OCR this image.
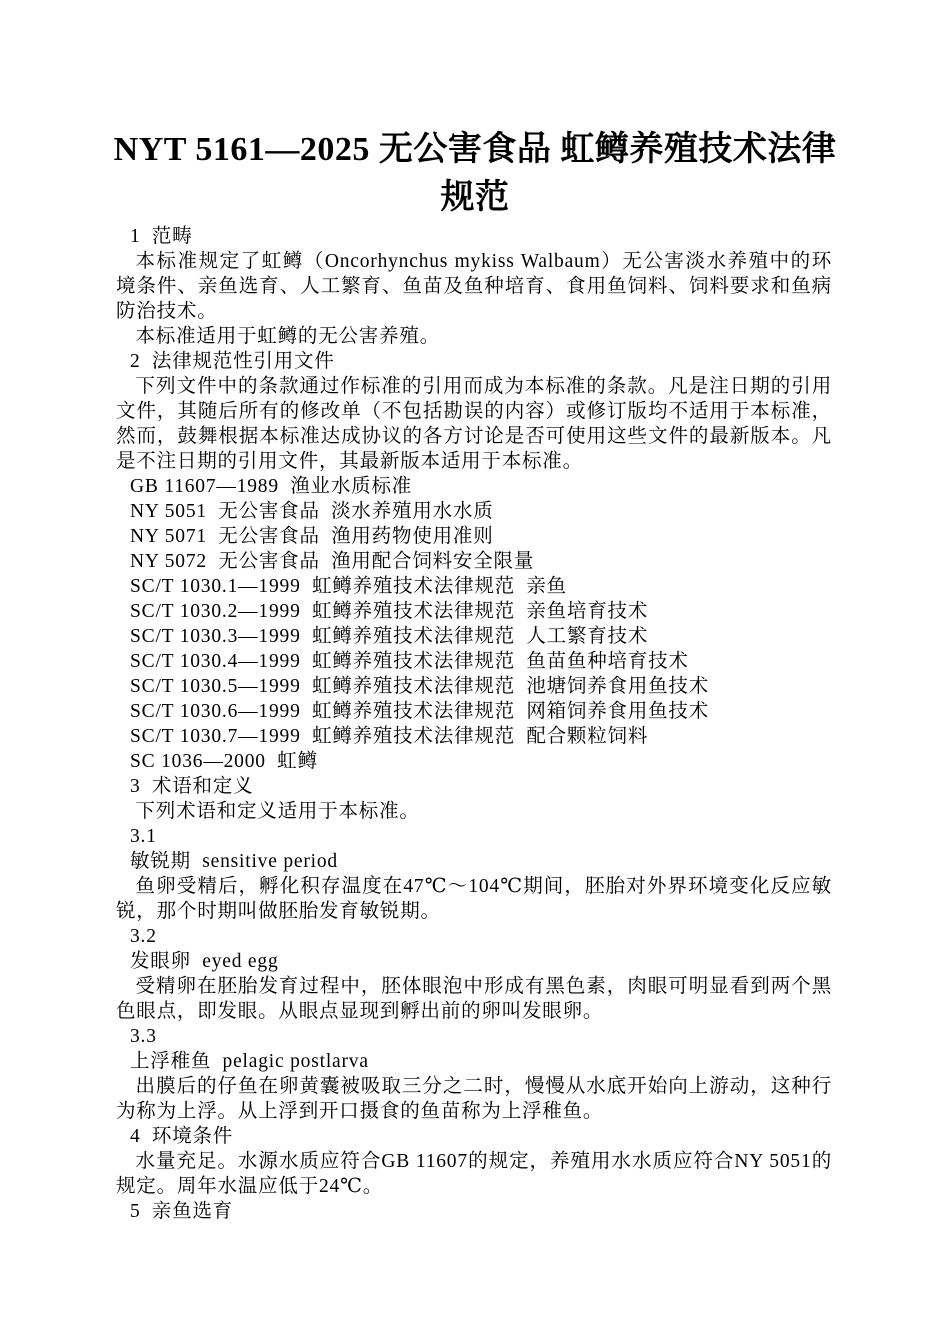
NYT 5161—2025 无公害食品 虹鳟养殖技术法律规范
1  范畴
本标准规定了虹鳟（Oncorhynchus mykiss Walbaum）无公害淡水养殖中的环境条件、亲鱼选育、人工繁育、鱼苗及鱼种培育、食用鱼饲料、饲料要求和鱼病防治技术。
本标准适用于虹鳟的无公害养殖。
2  法律规范性引用文件
下列文件中的条款通过作标准的引用而成为本标准的条款。凡是注日期的引用文件，其随后所有的修改单（不包括勘误的内容）或修订版均不适用于本标准，然而，鼓舞根据本标准达成协议的各方讨论是否可使用这些文件的最新版本。凡是不注日期的引用文件，其最新版本适用于本标准。
GB 11607—1989  渔业水质标准
NY 5051  无公害食品  淡水养殖用水水质
NY 5071  无公害食品  渔用药物使用准则
NY 5072  无公害食品  渔用配合饲料安全限量
SC/T 1030.1—1999  虹鳟养殖技术法律规范  亲鱼
SC/T 1030.2—1999  虹鳟养殖技术法律规范  亲鱼培育技术
SC/T 1030.3—1999  虹鳟养殖技术法律规范  人工繁育技术
SC/T 1030.4—1999  虹鳟养殖技术法律规范  鱼苗鱼种培育技术
SC/T 1030.5—1999  虹鳟养殖技术法律规范  池塘饲养食用鱼技术
SC/T 1030.6—1999  虹鳟养殖技术法律规范  网箱饲养食用鱼技术
SC/T 1030.7—1999  虹鳟养殖技术法律规范  配合颗粒饲料
SC 1036—2000  虹鳟
3  术语和定义
下列术语和定义适用于本标准。
3.1
敏锐期  sensitive period
鱼卵受精后，孵化积存温度在47℃～104℃期间，胚胎对外界环境变化反应敏锐，那个时期叫做胚胎发育敏锐期。
3.2
发眼卵  eyed egg
受精卵在胚胎发育过程中，胚体眼泡中形成有黑色素，肉眼可明显看到两个黑色眼点，即发眼。从眼点显现到孵出前的卵叫发眼卵。
3.3
上浮稚鱼  pelagic postlarva
出膜后的仔鱼在卵黄囊被吸取三分之二时，慢慢从水底开始向上游动，这种行为称为上浮。从上浮到开口摄食的鱼苗称为上浮稚鱼。
4  环境条件
水量充足。水源水质应符合GB 11607的规定，养殖用水水质应符合NY 5051的规定。周年水温应低于24℃。
5  亲鱼选育
